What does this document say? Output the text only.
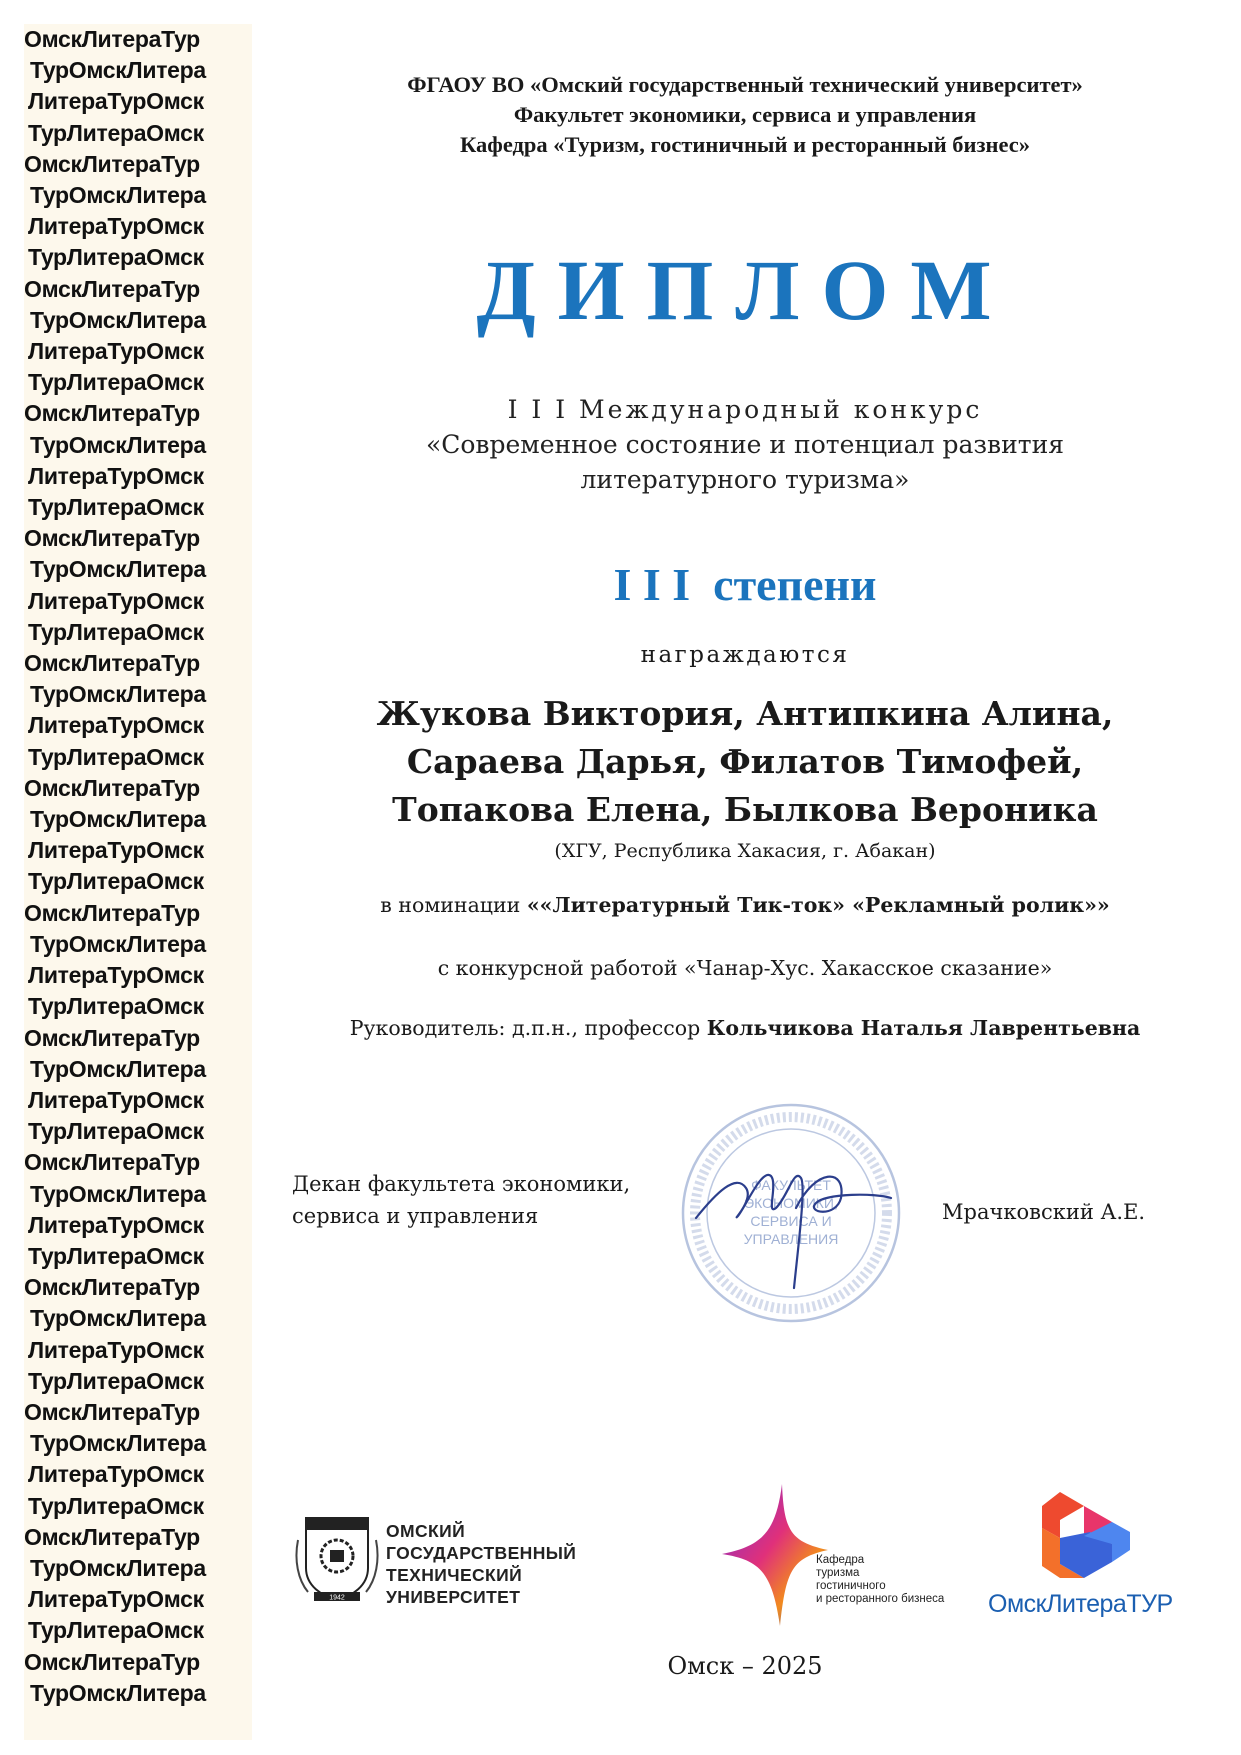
ОмскЛитераТур
ТурОмскЛитера
ЛитераТурОмск
ТурЛитераОмск
ОмскЛитераТур
ТурОмскЛитера
ЛитераТурОмск
ТурЛитераОмск
ОмскЛитераТур
ТурОмскЛитера
ЛитераТурОмск
ТурЛитераОмск
ОмскЛитераТур
ТурОмскЛитера
ЛитераТурОмск
ТурЛитераОмск
ОмскЛитераТур
ТурОмскЛитера
ЛитераТурОмск
ТурЛитераОмск
ОмскЛитераТур
ТурОмскЛитера
ЛитераТурОмск
ТурЛитераОмск
ОмскЛитераТур
ТурОмскЛитера
ЛитераТурОмск
ТурЛитераОмск
ОмскЛитераТур
ТурОмскЛитера
ЛитераТурОмск
ТурЛитераОмск
ОмскЛитераТур
ТурОмскЛитера
ЛитераТурОмск
ТурЛитераОмск
ОмскЛитераТур
ТурОмскЛитера
ЛитераТурОмск
ТурЛитераОмск
ОмскЛитераТур
ТурОмскЛитера
ЛитераТурОмск
ТурЛитераОмск
ОмскЛитераТур
ТурОмскЛитера
ЛитераТурОмск
ТурЛитераОмск
ОмскЛитераТур
ТурОмскЛитера
ЛитераТурОмск
ТурЛитераОмск
ОмскЛитераТур
ТурОмскЛитера
ФГАОУ ВО «Омский государственный технический университет»
Факультет экономики, сервиса и управления
Кафедра «Туризм, гостиничный и ресторанный бизнес»
ДИПЛОМ
I I I Международный конкурс
«Современное состояние и потенциал развития
литературного туризма»
I I I  степени
награждаются
Жукова Виктория, Антипкина Алина,
Сараева Дарья, Филатов Тимофей,
Топакова Елена, Былкова Вероника
(ХГУ, Республика Хакасия, г. Абакан)
в номинации ««Литературный Тик-ток» «Рекламный ролик»»
с конкурсной работой «Чанар-Хус. Хакасское сказание»
Руководитель: д.п.н., профессор Кольчикова Наталья Лаврентьевна
Декан факультета экономики,
сервиса и управления
ФАКУЛЬТЕТ
ЭКОНОМИКИ,
СЕРВИСА И
УПРАВЛЕНИЯ
Мрачковский А.Е.
1942
ОМСКИЙ
ГОСУДАРСТВЕННЫЙ
ТЕХНИЧЕСКИЙ УНИВЕРСИТЕТ
Кафедра
туризма
гостиничного
и ресторанного бизнеса ОмскЛитераТУР
Омск – 2025
